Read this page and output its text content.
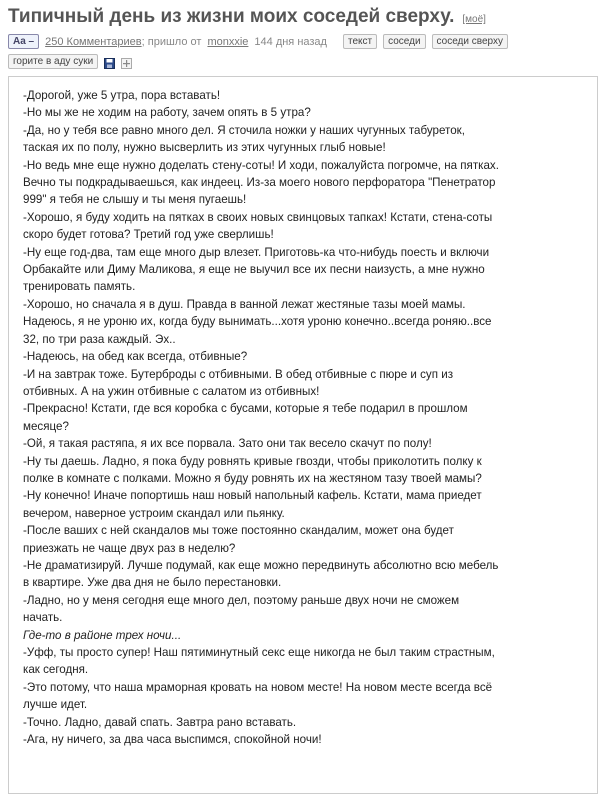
Типичный день из жизни моих соседей сверху. [моё]
Aa –	250 Комментариев ; пришло от monxxie 144 дня назад	текст	соседи	соседи сверху
горите в аду суки

-Дорогой, уже 5 утра, пора вставать!

-Но мы же не ходим на работу, зачем опять в 5 утра?

-Да, но у тебя все равно много дел. Я сточила ножки у наших чугунных табуреток,

таская их по полу, нужно высверлить из этих чугунных глыб новые!

-Но ведь мне еще нужно доделать стену-соты! И ходи, пожалуйста погромче, на пятках.

Вечно ты подкрадываешься, как индеец. Из-за моего нового перфоратора "Пенетратор

999" я тебя не слышу и ты меня пугаешь!

-Хорошо, я буду ходить на пятках в своих новых свинцовых тапках! Кстати, стена-соты

скоро будет готова? Третий год уже сверлишь!

-Ну еще год-два, там еще много дыр влезет. Приготовь-ка что-нибудь поесть и включи

Орбакайте или Диму Маликова, я еще не выучил все их песни наизусть, а мне нужно

тренировать память.

-Хорошо, но сначала я в душ. Правда в ванной лежат жестяные тазы моей мамы.

Надеюсь, я не уроню их, когда буду вынимать...хотя уроню конечно..всегда роняю..все

32, по три раза каждый. Эх..

-Надеюсь, на обед как всегда, отбивные?

-И на завтрак тоже. Бутерброды с отбивными. В обед отбивные с пюре и суп из

отбивных. А на ужин отбивные с салатом из отбивных!

-Прекрасно! Кстати, где вся коробка с бусами, которые я тебе подарил в прошлом

месяце?

-Ой, я такая растяпа, я их все порвала. Зато они так весело скачут по полу!

-Ну ты даешь. Ладно, я пока буду ровнять кривые гвозди, чтобы приколотить полку к

полке в комнате с полками. Можно я буду ровнять их на жестяном тазу твоей мамы?

-Ну конечно! Иначе попортишь наш новый напольный кафель. Кстати, мама приедет

вечером, наверное устроим скандал или пьянку.

-После ваших с ней скандалов мы тоже постоянно скандалим, может она будет

приезжать не чаще двух раз в неделю?

-Не драматизируй. Лучше подумай, как еще можно передвинуть абсолютно всю мебель

в квартире. Уже два дня не было перестановки.

-Ладно, но у меня сегодня еще много дел, поэтому раньше двух ночи не сможем

начать.

Где-то в районе трех ночи...

-Уфф, ты просто супер! Наш пятиминутный секс еще никогда не был таким страстным,

как сегодня.

-Это потому, что наша мраморная кровать на новом месте! На новом месте всегда всё

лучше идет.

-Точно. Ладно, давай спать. Завтра рано вставать.

-Ага, ну ничего, за два часа выспимся, спокойной ночи!
